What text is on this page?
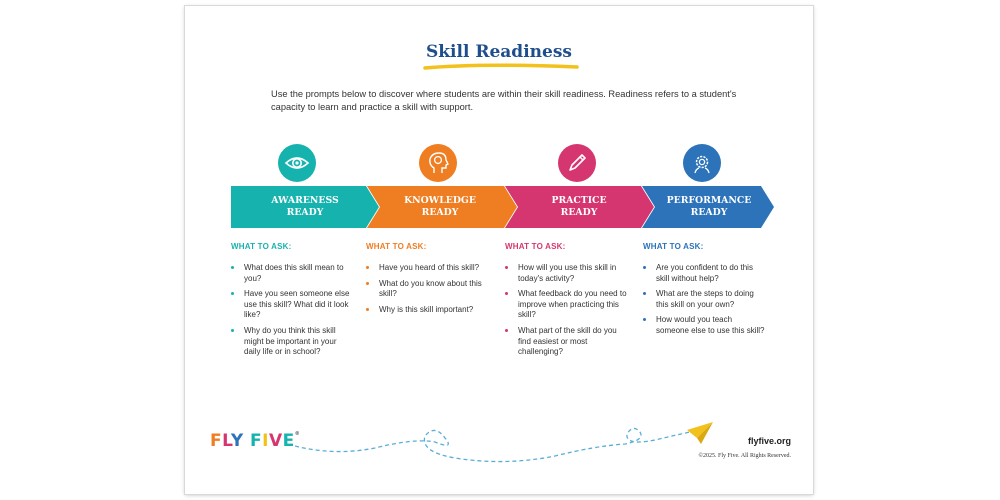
Skill Readiness
Use the prompts below to discover where students are within their skill readiness. Readiness refers to a student's capacity to learn and practice a skill with support.
AWARENESS
READY
KNOWLEDGE
READY
PRACTICE
READY
PERFORMANCE
READY
WHAT TO ASK:
What does this skill mean to you?
Have you seen someone else use this skill? What did it look like?
Why do you think this skill might be important in your daily life or in school?
WHAT TO ASK:
Have you heard of this skill?
What do you know about this skill?
Why is this skill important?
WHAT TO ASK:
How will you use this skill in today's activity?
What feedback do you need to improve when practicing this skill?
What part of the skill do you find easiest or most challenging?
WHAT TO ASK:
Are you confident to do this skill without help?
What are the steps to doing this skill on your own?
How would you teach someone else to use this skill?
FLY FIVE®
flyfive.org
©2025. Fly Five. All Rights Reserved.
